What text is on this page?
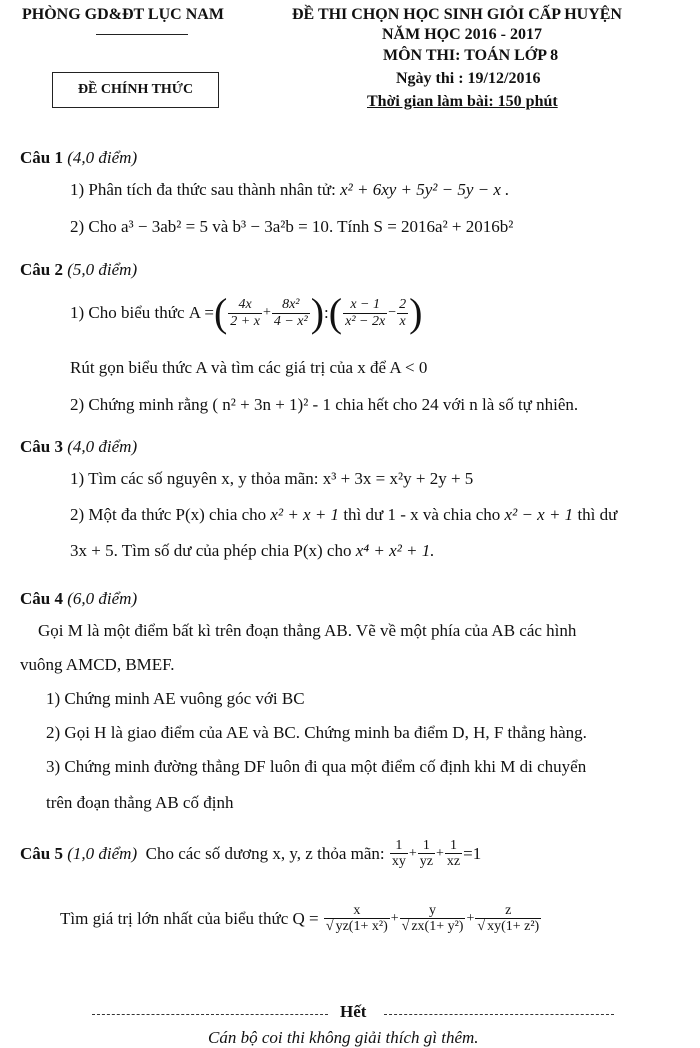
PHÒNG GD&ĐT LỤC NAM	ĐỀ THI CHỌN HỌC SINH GIỎI CẤP HUYỆN
NĂM HỌC 2016 - 2017
MÔN THI: TOÁN LỚP 8
Ngày thi : 19/12/2016
Thời gian làm bài: 150 phút
ĐỀ CHÍNH THỨC
Câu 1 (4,0 điểm)
1) Phân tích đa thức sau thành nhân tử: x² + 6xy + 5y² − 5y − x .
2) Cho a³ − 3ab² = 5 và b³ − 3a²b = 10. Tính S = 2016a² + 2016b²
Câu 2 (5,0 điểm)
1) Cho biểu thức
A = ( $\frac{4x}{2 + x} + \frac{\text{8x²}}{\text{4 − x²}}$ ) : ( $\frac{x - 1}{\text{x² − 2x}} - \frac{2}{x}$ )
Rút gọn biểu thức A và tìm các giá trị của x để A < 0
2) Chứng minh rằng ( n² + 3n + 1)² - 1 chia hết cho 24 với n là số tự nhiên.
Câu 3 (4,0 điểm)
1) Tìm các số nguyên x, y thỏa mãn: x³ + 3x = x²y + 2y + 5
2) Một đa thức P(x) chia cho x² + x + 1 thì dư 1 - x và chia cho x² − x + 1 thì dư
3x + 5. Tìm số dư của phép chia P(x) cho x⁴ + x² + 1.
Câu 4 (6,0 điểm)
Gọi M là một điểm bất kì trên đoạn thẳng AB. Vẽ về một phía của AB các hình
vuông AMCD, BMEF.
1) Chứng minh AE vuông góc với BC
2) Gọi H là giao điểm của AE và BC. Chứng minh ba điểm D, H, F thẳng hàng.
3) Chứng minh đường thẳng DF luôn đi qua một điểm cố định khi M di chuyển
trên đoạn thẳng AB cố định
Câu 5
(1,0 điểm)
Cho các số dương x, y, z thỏa mãn:
$\frac{1}{xy} + \frac{1}{yz} + \frac{1}{xz} =1$
Tìm giá trị lớn nhất của biểu thức
Q =
$\frac{x}{\text{√ yz(1+ x²)}} + \frac{y}{\text{√ zx(1+ y²)}} + \frac{z}{\text{√ xy(1+ z²)}}$
Hết
Cán bộ coi thi không giải thích gì thêm.
